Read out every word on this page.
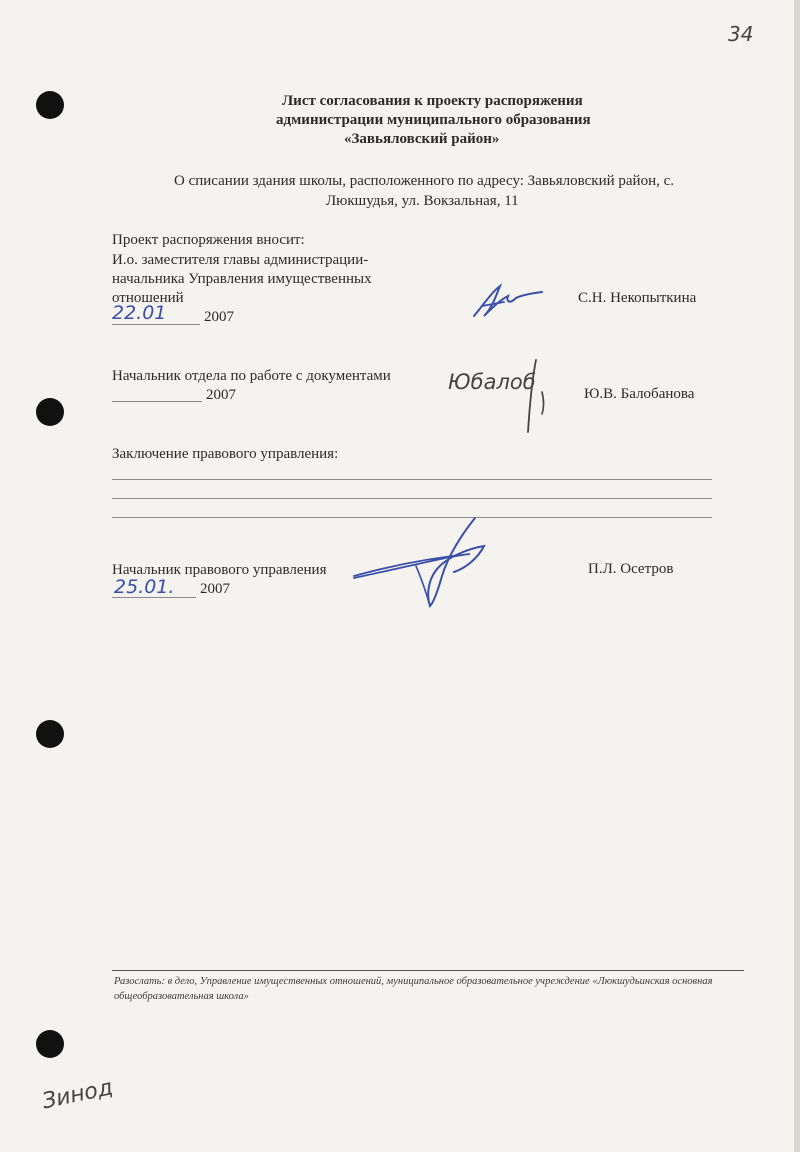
34
Лист согласования к проекту распоряжения
администрации муниципального образования
«Завьяловский район»
О списании здания школы, расположенного по адресу: Завьяловский район, с.
Люкшудья, ул. Вокзальная, 11
Проект распоряжения вносит:
И.о. заместителя главы администрации-
начальника Управления имущественных
отношений
22.01	2007
С.Н. Некопыткина
Начальник отдела по работе с документами
2007
Юбалоб	Ю.В. Балобанова
Заключение правового управления:
Начальник правового управления
25.01. 2007
П.Л. Осетров
Разослать: в дело, Управление имущественных отношений, муниципальное образовательное учреждение «Люкшудьинская основная
общеобразовательная школа»
Зинод
